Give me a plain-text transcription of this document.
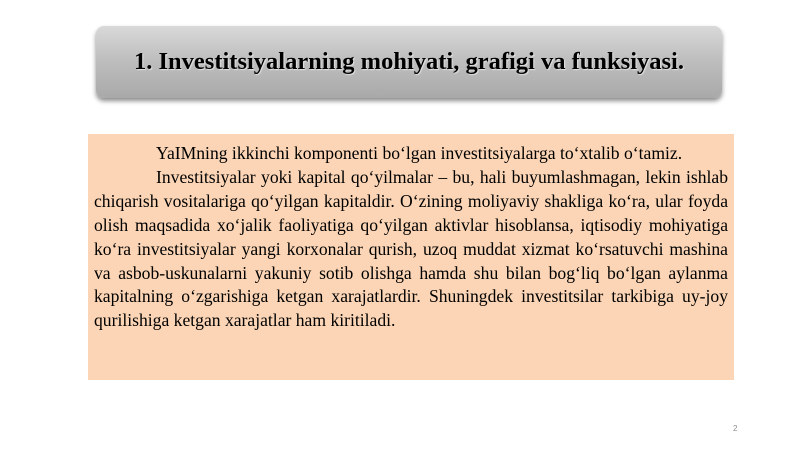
1. Investitsiyalarning mohiyati, grafigi va funksiyasi.

YaIMning ikkinchi komponenti bo‘lgan investitsiyalarga to‘xtalib o‘tamiz.

Investitsiyalar yoki kapital qo‘yilmalar – bu, hali buyumlashmagan, lekin ishlab chiqarish vositalariga qo‘yilgan kapitaldir. O‘zining moliyaviy shakliga ko‘ra, ular foyda olish maqsadida xo‘jalik faoliyatiga qo‘yilgan aktivlar hisoblansa, iqtisodiy mohiyatiga ko‘ra investitsiyalar yangi korxonalar qurish, uzoq muddat xizmat ko‘rsatuvchi mashina va asbob-uskunalarni yakuniy sotib olishga hamda shu bilan bog‘liq bo‘lgan aylanma kapitalning o‘zgarishiga ketgan xarajatlardir. Shuningdek investitsilar tarkibiga uy-joy qurilishiga ketgan xarajatlar ham kiritiladi.

2
